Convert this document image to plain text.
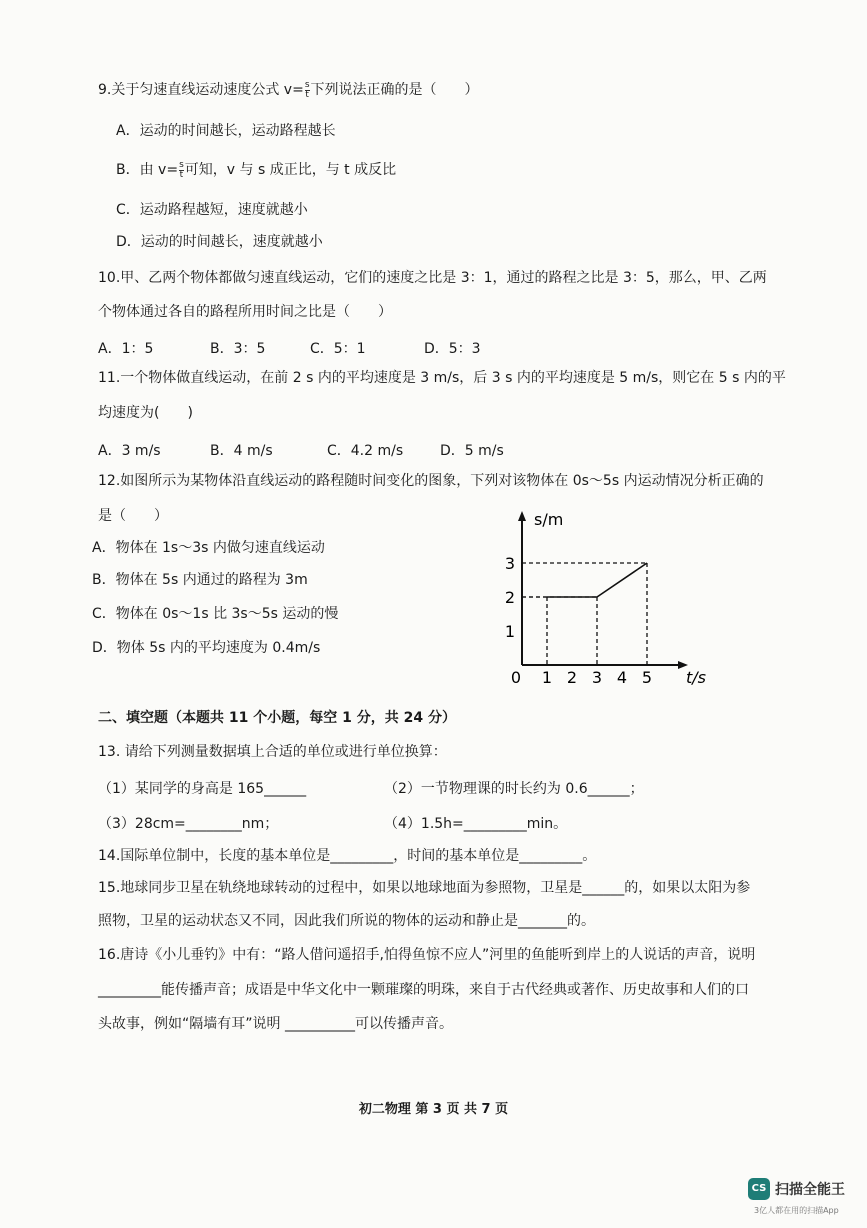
9.关于匀速直线运动速度公式 $v= \frac{s}{t}$ 下列说法正确的是（　　）
A．运动的时间越长，运动路程越长
B．由 $v= \frac{s}{t}$ 可知，v 与 s 成正比，与 t 成反比
C．运动路程越短，速度就越小
D．运动的时间越长，速度就越小
10.甲、乙两个物体都做匀速直线运动，它们的速度之比是 3：1，通过的路程之比是 3：5，那么，甲、乙两
个物体通过各自的路程所用时间之比是（　　）
A．1：5	B．3：5	C．5：1	D．5：3
11.一个物体做直线运动，在前 2 s 内的平均速度是 3 m/s，后 3 s 内的平均速度是 5 m/s，则它在 5 s 内的平
均速度为(　　)
A．3 m/s	B．4 m/s	C．4.2 m/s	D．5 m/s
12.如图所示为某物体沿直线运动的路程随时间变化的图象，下列对该物体在 0s～5s 内运动情况分析正确的
是（　　）
A．物体在 1s～3s 内做匀速直线运动
B．物体在 5s 内通过的路程为 3m
C．物体在 0s～1s 比 3s～5s 运动的慢
D．物体 5s 内的平均速度为 0.4m/s
s/m
t/s
0 1 2 3 4 5
1
2
3
二、填空题（本题共 11 个小题，每空 1 分，共 24 分）
13. 请给下列测量数据填上合适的单位或进行单位换算：
（1）某同学的身高是 165______	（2）一节物理课的时长约为 0.6______；
（3）28cm=________nm；	（4）1.5h=_________min。
14.国际单位制中，长度的基本单位是_________，时间的基本单位是_________。
15.地球同步卫星在轨绕地球转动的过程中，如果以地球地面为参照物，卫星是______的，如果以太阳为参
照物，卫星的运动状态又不同，因此我们所说的物体的运动和静止是_______的。
16.唐诗《小儿垂钓》中有：“路人借问遥招手,怕得鱼惊不应人”河里的鱼能听到岸上的人说话的声音，说明
_________能传播声音；成语是中华文化中一颗璀璨的明珠，来自于古代经典或著作、历史故事和人们的口
头故事，例如“隔墙有耳”说明 __________可以传播声音。
初二物理 第 3 页 共 7 页
CS 扫描全能王
3亿人都在用的扫描App
